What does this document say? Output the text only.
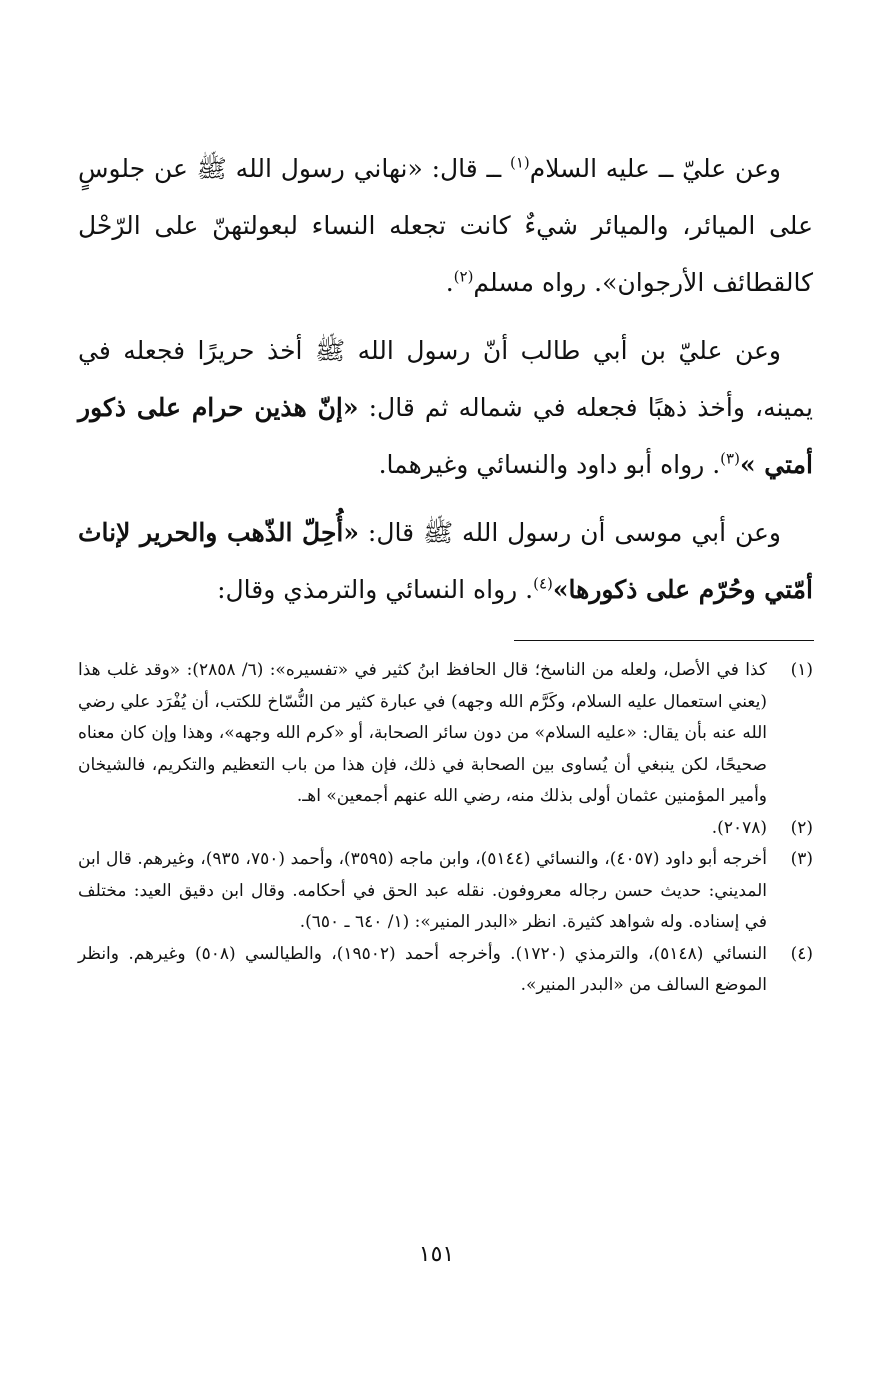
وعن عليّ ــ عليه السلام$^{(١)}$ ــ قال: «نهاني رسول الله ﷺ عن جلوسٍ على الميائر، والميائر شيءٌ كانت تجعله النساء لبعولتهنّ على الرّحْل كالقطائف الأرجوان». رواه مسلم$^{(٢)}$.

وعن عليّ بن أبي طالب أنّ رسول الله ﷺ أخذ حريرًا فجعله في يمينه، وأخذ ذهبًا فجعله في شماله ثم قال: «إنّ هذين حرام على ذكور أمتي »$^{(٣)}$. رواه أبو داود والنسائي وغيرهما.

وعن أبي موسى أن رسول الله ﷺ قال: «أُحِلّ الذّهب والحرير لإناث أمّتي وحُرّم على ذكورها»$^{(٤)}$. رواه النسائي والترمذي وقال:

(١)
كذا في الأصل، ولعله من الناسخ؛ قال الحافظ ابنُ كثير في «تفسيره»: (٦/ ٢٨٥٨): «وقد غلب هذا (يعني استعمال عليه السلام، وكَرَّم الله وجهه) في عبارة كثير من النُّسّاخ للكتب، أن يُفْرَد علي رضي الله عنه بأن يقال: «عليه السلام» من دون سائر الصحابة، أو «كرم الله وجهه»، وهذا وإن كان معناه صحيحًا، لكن ينبغي أن يُساوى بين الصحابة في ذلك، فإن هذا من باب التعظيم والتكريم، فالشيخان وأمير المؤمنين عثمان أولى بذلك منه، رضي الله عنهم أجمعين» اهـ.
(٢)
(٢٠٧٨).
(٣)
أخرجه أبو داود (٤٠٥٧)، والنسائي (٥١٤٤)، وابن ماجه (٣٥٩٥)، وأحمد (٧٥٠، ٩٣٥)، وغيرهم. قال ابن المديني: حديث حسن رجاله معروفون. نقله عبد الحق في أحكامه. وقال ابن دقيق العيد: مختلف في إسناده. وله شواهد كثيرة. انظر «البدر المنير»: (١/ ٦٤٠ ـ ٦٥٠).
(٤)
النسائي (٥١٤٨)، والترمذي (١٧٢٠). وأخرجه أحمد (١٩٥٠٢)، والطيالسي (٥٠٨) وغيرهم. وانظر الموضع السالف من «البدر المنير».
١٥١
